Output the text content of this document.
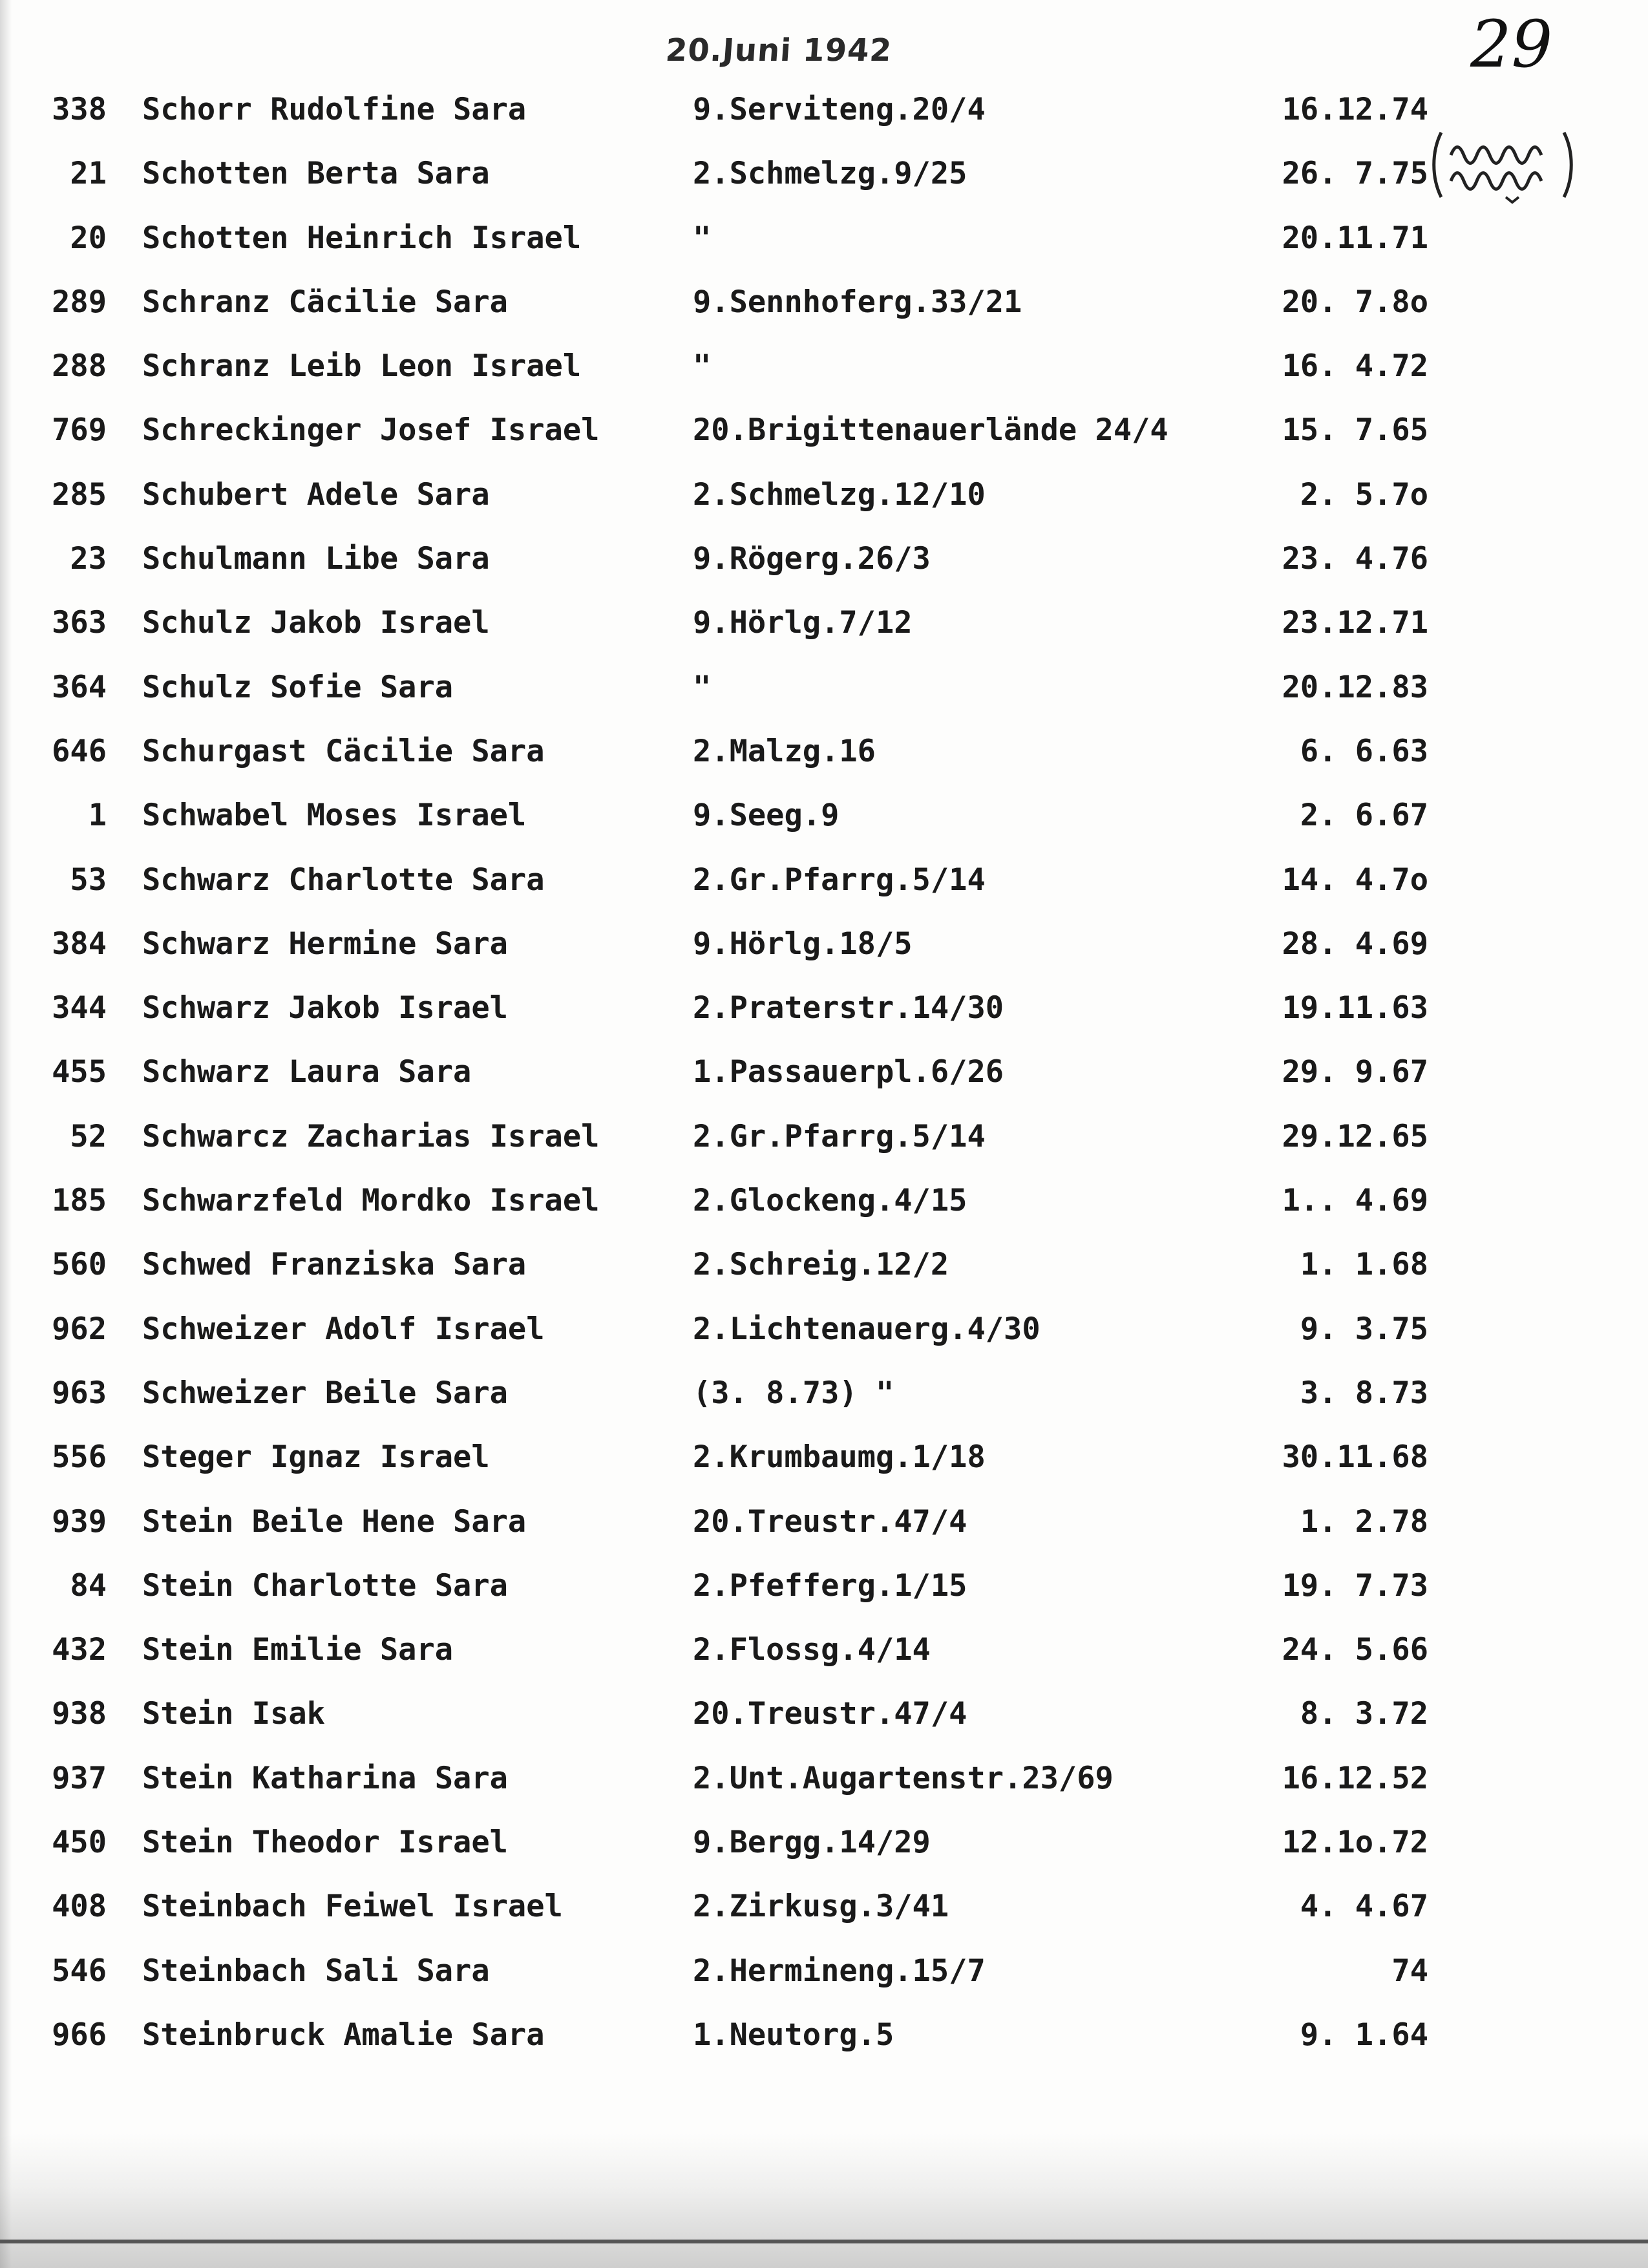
20.Juni 1942	29
338 Schorr Rudolfine Sara	9.Serviteng.20/4	16.12.74
21 Schotten Berta Sara	2.Schmelzg.9/25	26. 7.75
20 Schotten Heinrich Israel	"	20.11.71
289 Schranz Cäcilie Sara	9.Sennhoferg.33/21	20. 7.8o
288 Schranz Leib Leon Israel	"	16. 4.72
769 Schreckinger Josef Israel	20.Brigittenauerlände 24/4	15. 7.65
285 Schubert Adele Sara	2.Schmelzg.12/10	2. 5.7o
23 Schulmann Libe Sara	9.Rögerg.26/3	23. 4.76
363 Schulz Jakob Israel	9.Hörlg.7/12	23.12.71
364 Schulz Sofie Sara	"	20.12.83
646 Schurgast Cäcilie Sara	2.Malzg.16	6. 6.63
1 Schwabel Moses Israel	9.Seeg.9	2. 6.67
53 Schwarz Charlotte Sara	2.Gr.Pfarrg.5/14	14. 4.7o
384 Schwarz Hermine Sara	9.Hörlg.18/5	28. 4.69
344 Schwarz Jakob Israel	2.Praterstr.14/30	19.11.63
455 Schwarz Laura Sara	1.Passauerpl.6/26	29. 9.67
52 Schwarcz Zacharias Israel	2.Gr.Pfarrg.5/14	29.12.65
185 Schwarzfeld Mordko Israel	2.Glockeng.4/15	1.. 4.69
560 Schwed Franziska Sara	2.Schreig.12/2	1. 1.68
962 Schweizer Adolf Israel	2.Lichtenauerg.4/30	9. 3.75
963 Schweizer Beile Sara	(3. 8.73) "	3. 8.73
556 Steger Ignaz Israel	2.Krumbaumg.1/18	30.11.68
939 Stein Beile Hene Sara	20.Treustr.47/4	1. 2.78
84 Stein Charlotte Sara	2.Pfefferg.1/15	19. 7.73
432 Stein Emilie Sara	2.Flossg.4/14	24. 5.66
938 Stein Isak	20.Treustr.47/4	8. 3.72
937 Stein Katharina Sara	2.Unt.Augartenstr.23/69	16.12.52
450 Stein Theodor Israel	9.Bergg.14/29	12.1o.72
408 Steinbach Feiwel Israel	2.Zirkusg.3/41	4. 4.67
546 Steinbach Sali Sara	2.Hermineng.15/7	74
966 Steinbruck Amalie Sara	1.Neutorg.5	9. 1.64
